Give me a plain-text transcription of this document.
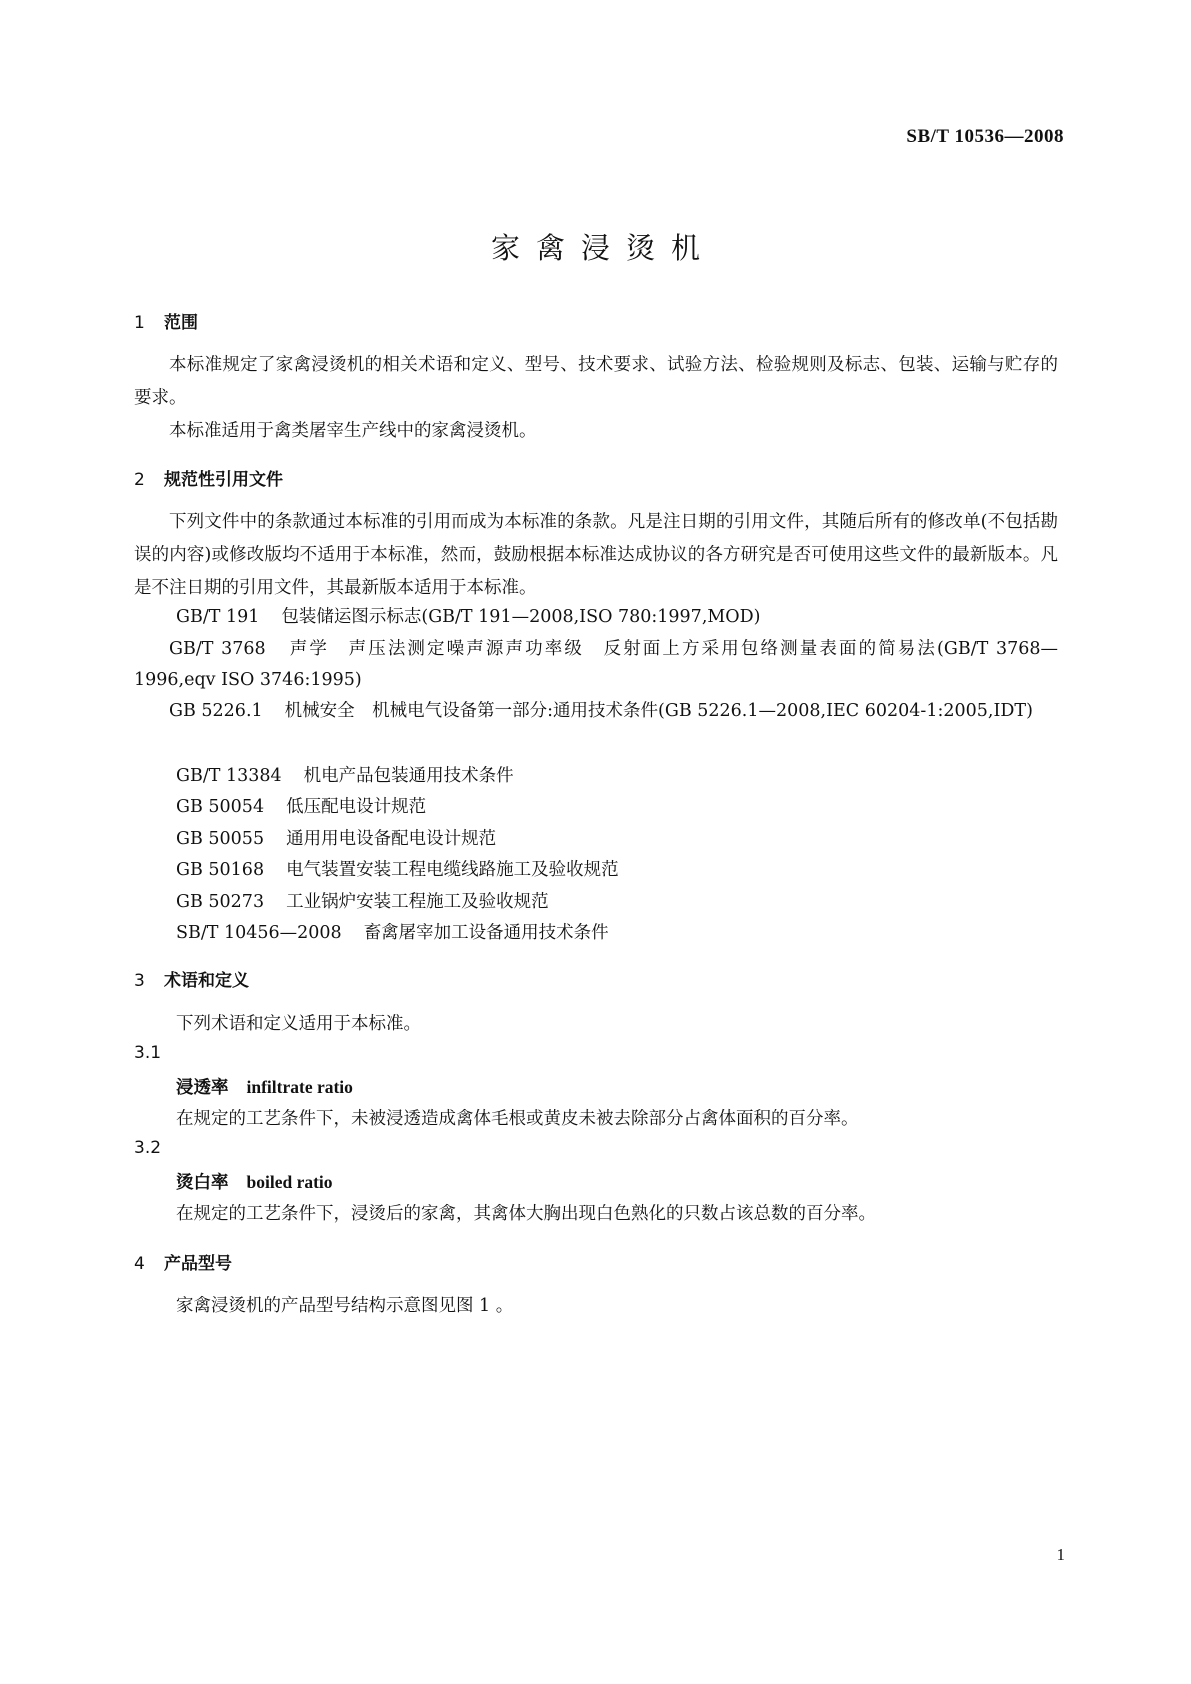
SB/T 10536—2008
家禽浸烫机
1 范围
本标准规定了家禽浸烫机的相关术语和定义、型号、技术要求、试验方法、检验规则及标志、包装、运输与贮存的要求。
本标准适用于禽类屠宰生产线中的家禽浸烫机。
2 规范性引用文件
下列文件中的条款通过本标准的引用而成为本标准的条款。凡是注日期的引用文件，其随后所有的修改单(不包括勘误的内容)或修改版均不适用于本标准，然而，鼓励根据本标准达成协议的各方研究是否可使用这些文件的最新版本。凡是不注日期的引用文件，其最新版本适用于本标准。
GB/T 191 包装储运图示标志(GB/T 191—2008,ISO 780:1997,MOD)
GB/T 3768 声学　声压法测定噪声源声功率级　反射面上方采用包络测量表面的简易法(GB/T 3768—1996,eqv ISO 3746:1995)
GB 5226.1 机械安全　机械电气设备第一部分:通用技术条件(GB 5226.1—2008,IEC 60204-1:2005,IDT)
GB/T 13384 机电产品包装通用技术条件
GB 50054 低压配电设计规范
GB 50055 通用用电设备配电设计规范
GB 50168 电气装置安装工程电缆线路施工及验收规范
GB 50273 工业锅炉安装工程施工及验收规范
SB/T 10456—2008 畜禽屠宰加工设备通用技术条件
3 术语和定义
下列术语和定义适用于本标准。
3.1
浸透率 infiltrate ratio
在规定的工艺条件下，未被浸透造成禽体毛根或黄皮未被去除部分占禽体面积的百分率。
3.2
烫白率 boiled ratio
在规定的工艺条件下，浸烫后的家禽，其禽体大胸出现白色熟化的只数占该总数的百分率。
4 产品型号
家禽浸烫机的产品型号结构示意图见图 1 。
1
